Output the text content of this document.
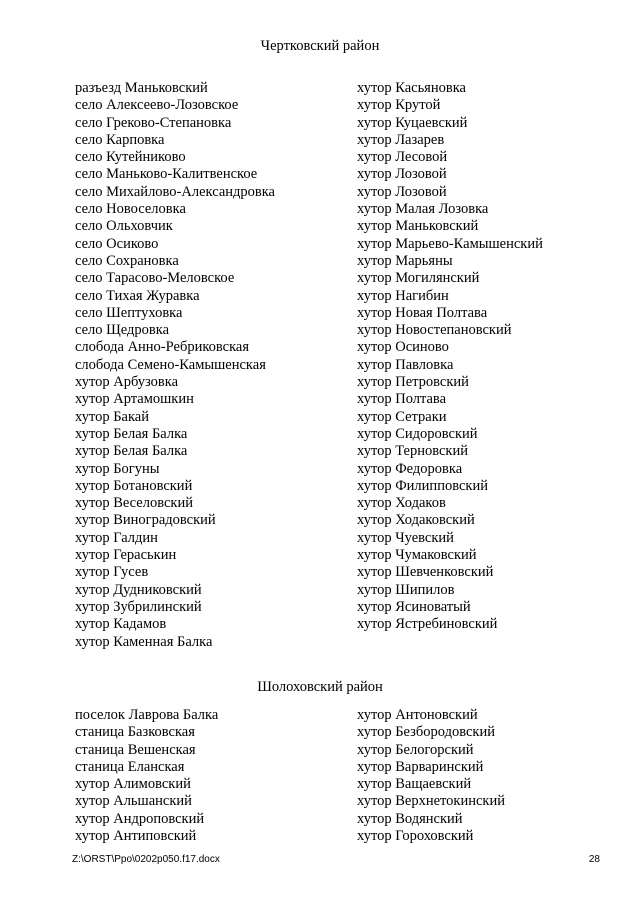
Чертковский район
разъезд Маньковский
село Алексеево-Лозовское
село Греково-Степановка
село Карповка
село Кутейниково
село Маньково-Калитвенское
село Михайлово-Александровка
село Новоселовка
село Ольховчик
село Осиково
село Сохрановка
село Тарасово-Меловское
село Тихая Журавка
село Шептуховка
село Щедровка
слобода Анно-Ребриковская
слобода Семено-Камышенская
хутор Арбузовка
хутор Артамошкин
хутор Бакай
хутор Белая Балка
хутор Белая Балка
хутор Богуны
хутор Ботановский
хутор Веселовский
хутор Виноградовский
хутор Галдин
хутор Гераськин
хутор Гусев
хутор Дудниковский
хутор Зубрилинский
хутор Кадамов
хутор Каменная Балка
хутор Касьяновка
хутор Крутой
хутор Куцаевский
хутор Лазарев
хутор Лесовой
хутор Лозовой
хутор Лозовой
хутор Малая Лозовка
хутор Маньковский
хутор Марьево-Камышенский
хутор Марьяны
хутор Могилянский
хутор Нагибин
хутор Новая Полтава
хутор Новостепановский
хутор Осиново
хутор Павловка
хутор Петровский
хутор Полтава
хутор Сетраки
хутор Сидоровский
хутор Терновский
хутор Федоровка
хутор Филипповский
хутор Ходаков
хутор Ходаковский
хутор Чуевский
хутор Чумаковский
хутор Шевченковский
хутор Шипилов
хутор Ясиноватый
хутор Ястребиновский
Шолоховский район
поселок Лаврова Балка
станица Базковская
станица Вешенская
станица Еланская
хутор Алимовский
хутор Альшанский
хутор Андроповский
хутор Антиповский
хутор Антоновский
хутор Безбородовский
хутор Белогорский
хутор Варваринский
хутор Ващаевский
хутор Верхнетокинский
хутор Водянский
хутор Гороховский
Z:\ORST\Ppo\0202p050.f17.docx	28
